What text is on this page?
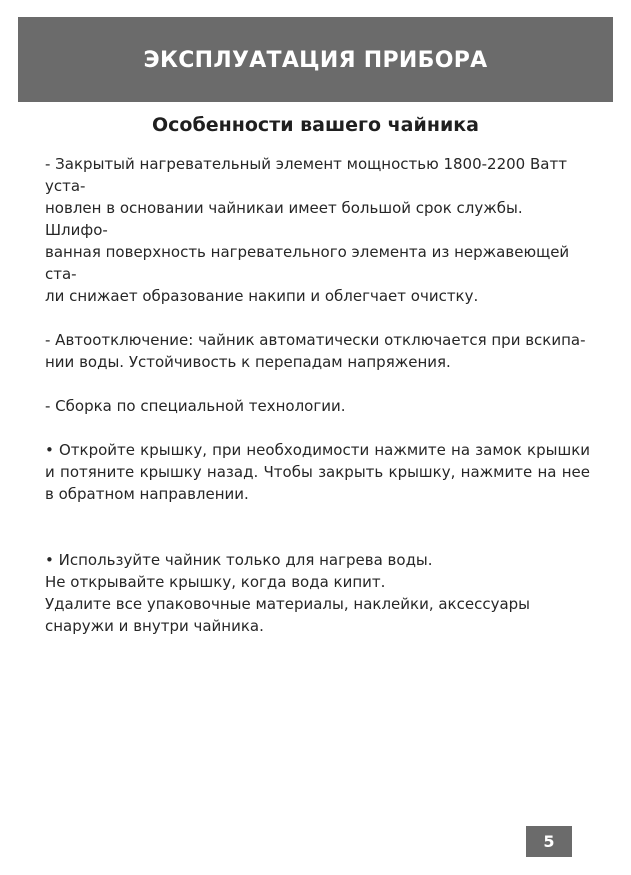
ЭКСПЛУАТАЦИЯ ПРИБОРА
Особенности вашего чайника
- Закрытый нагревательный элемент мощностью 1800-2200 Ватт уста-
новлен в основании чайникаи имеет большой срок службы. Шлифо-
ванная поверхность нагревательного элемента из нержавеющей ста-
ли снижает образование накипи и облегчает очистку.
- Автоотключение: чайник автоматически отключается при вскипа-
нии воды. Устойчивость к перепадам напряжения.
- Сборка по специальной технологии.
• Откройте крышку, при необходимости нажмите на замок крышки и потяните крышку назад. Чтобы закрыть крышку, нажмите на нее в обратном направлении.
• Используйте чайник только для нагрева воды.
Не открывайте крышку, когда вода кипит.
Удалите все упаковочные материалы, наклейки, аксессуары
снаружи и внутри чайника.
5
